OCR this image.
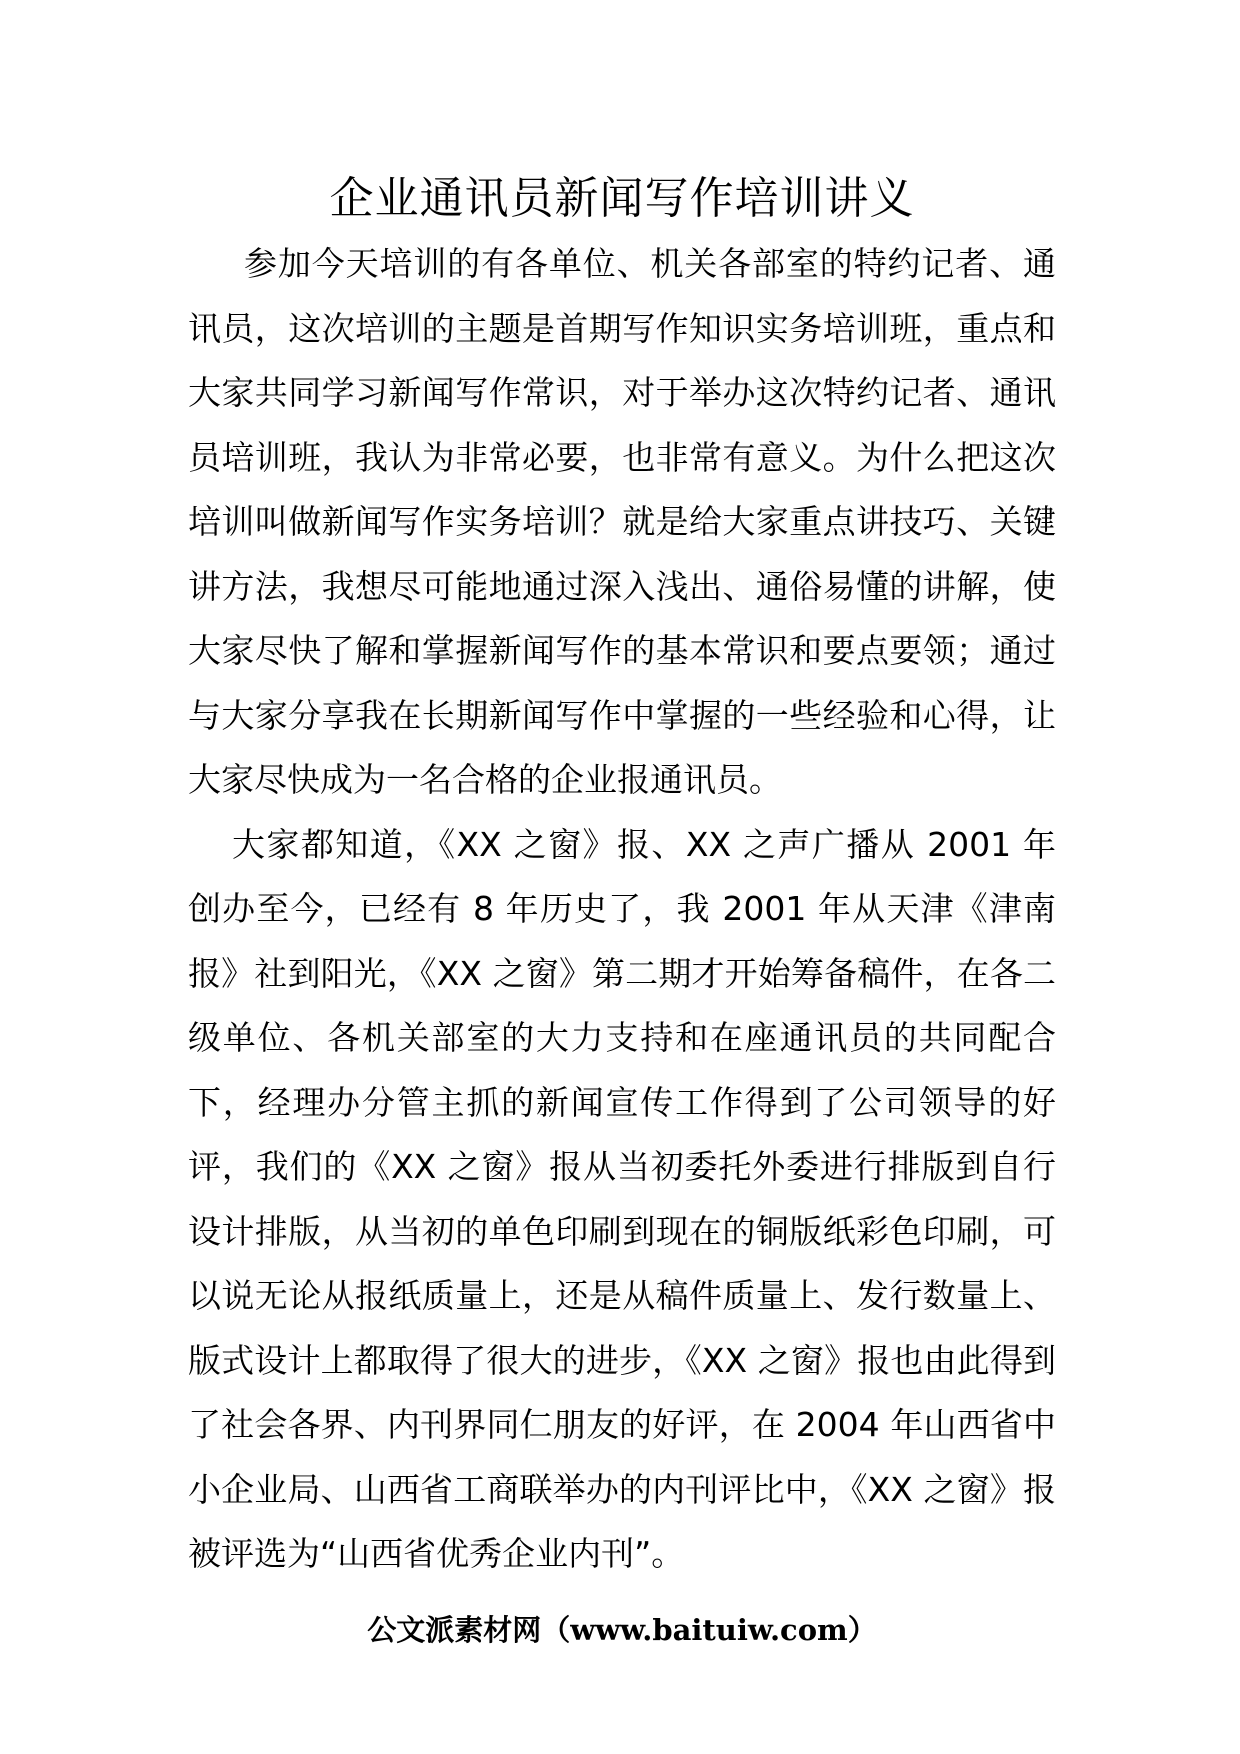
企业通讯员新闻写作培训讲义

参加今天培训的有各单位、机关各部室的特约记者、通讯员，这次培训的主题是首期写作知识实务培训班，重点和大家共同学习新闻写作常识，对于举办这次特约记者、通讯员培训班，我认为非常必要，也非常有意义。为什么把这次培训叫做新闻写作实务培训？就是给大家重点讲技巧、关键讲方法，我想尽可能地通过深入浅出、通俗易懂的讲解，使大家尽快了解和掌握新闻写作的基本常识和要点要领；通过与大家分享我在长期新闻写作中掌握的一些经验和心得，让大家尽快成为一名合格的企业报通讯员。

大家都知道，《XX 之窗》报、XX 之声广播从 2001 年创办至今，已经有 8 年历史了，我 2001 年从天津《津南报》社到阳光，《XX 之窗》第二期才开始筹备稿件，在各二级单位、各机关部室的大力支持和在座通讯员的共同配合下，经理办分管主抓的新闻宣传工作得到了公司领导的好评，我们的《XX 之窗》报从当初委托外委进行排版到自行设计排版，从当初的单色印刷到现在的铜版纸彩色印刷，可以说无论从报纸质量上，还是从稿件质量上、发行数量上、版式设计上都取得了很大的进步，《XX 之窗》报也由此得到了社会各界、内刊界同仁朋友的好评，在 2004 年山西省中小企业局、山西省工商联举办的内刊评比中，《XX 之窗》报被评选为“山西省优秀企业内刊”。

公文派素材网（www.baituiw.com）
